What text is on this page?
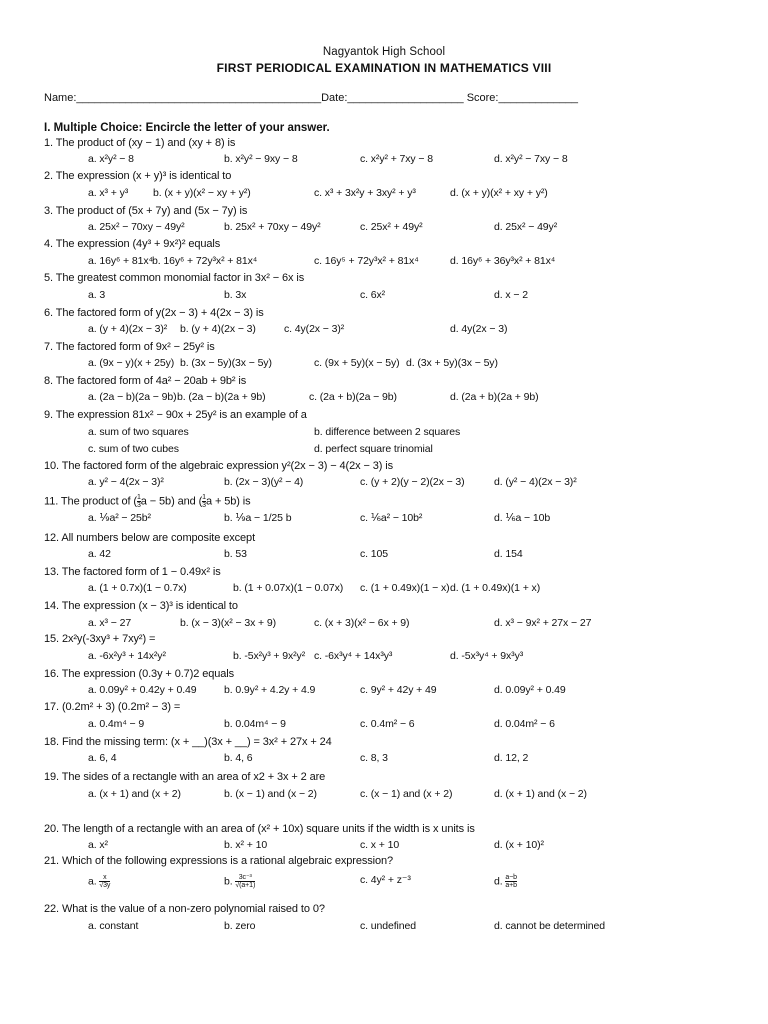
Nagyantok High School
FIRST PERIODICAL EXAMINATION IN MATHEMATICS VIII
Name:________________________________________Date:___________________ Score:_____________
I. Multiple Choice: Encircle the letter of your answer.
1. The product of (xy − 1) and (xy + 8) is
a. x²y² − 8	b. x²y² − 9xy − 8	c. x²y² + 7xy − 8	d. x²y² − 7xy − 8
2. The expression (x + y)³ is identical to
a. x³ + y³ b. (x + y)(x² − xy + y²)	c. x³ + 3x²y + 3xy² + y³	d. (x + y)(x² + xy + y²)
3. The product of (5x + 7y) and (5x − 7y) is
a. 25x² − 70xy − 49y²	b. 25x² + 70xy − 49y²	c. 25x² + 49y²	d. 25x² − 49y²
4. The expression (4y³ + 9x²)² equals
a. 16y⁶ + 81x⁴ b. 16y⁶ + 72y³x² + 81x⁴	c. 16y⁵ + 72y³x² + 81x⁴	d. 16y⁶ + 36y³x² + 81x⁴
5. The greatest common monomial factor in 3x² − 6x is
a. 3	b. 3x	c. 6x²	d. x − 2
6. The factored form of y(2x − 3) + 4(2x − 3) is
a. (y + 4)(2x − 3)² b. (y + 4)(2x − 3)	c. 4y(2x − 3)²	d. 4y(2x − 3)
7. The factored form of 9x² − 25y² is
a. (9x − y)(x + 25y) b. (3x − 5y)(3x − 5y)	c. (9x + 5y)(x − 5y) d. (3x + 5y)(3x − 5y)
8. The factored form of 4a² − 20ab + 9b² is
a. (2a − b)(2a − 9b) b. (2a − b)(2a + 9b)	c. (2a + b)(2a − 9b)	d. (2a + b)(2a + 9b)
9. The expression 81x² − 90x + 25y² is an example of a
a. sum of two squares	b. difference between 2 squares
c. sum of two cubes	d. perfect square trinomial
10. The factored form of the algebraic expression y²(2x − 3) − 4(2x − 3) is
a. y² − 4(2x − 3)²	b. (2x − 3)(y² − 4)	c. (y + 2)(y − 2)(2x − 3)	d. (y² − 4)(2x − 3)²
11. The product of ( $\frac{1}{3}$ a − 5b) and ( $\frac{1}{3}$ a + 5b) is
a. ⅑a² − 25b²	b. ⅑a − 1/25 b	c. ⅙a² − 10b²	d. ⅙a − 10b
12. All numbers below are composite except
a. 42	b. 53	c. 105	d. 154
13. The factored form of 1 − 0.49x² is
a. (1 + 0.7x)(1 − 0.7x)	b. (1 + 0.07x)(1 − 0.07x) c. (1 + 0.49x)(1 − x) d. (1 + 0.49x)(1 + x)
14. The expression (x − 3)³ is identical to
a. x³ − 27	b. (x − 3)(x² − 3x + 9)	c. (x + 3)(x² − 6x + 9)	d. x³ − 9x² + 27x − 27
15. 2x²y(-3xy³ + 7xy²) =
a. -6x²y³ + 14x²y²	b. -5x²y³ + 9x²y² c. -6x³y⁴ + 14x³y³	d. -5x³y⁴ + 9x³y³
16. The expression (0.3y + 0.7)2 equals
a. 0.09y² + 0.42y + 0.49	b. 0.9y² + 4.2y + 4.9	c. 9y² + 42y + 49	d. 0.09y² + 0.49
17. (0.2m² + 3) (0.2m² − 3) =
a. 0.4m⁴ − 9	b. 0.04m⁴ − 9	c. 0.4m² − 6	d. 0.04m² − 6
18. Find the missing term: (x + __)(3x + __) = 3x² + 27x + 24
a. 6, 4	b. 4, 6	c. 8, 3	d. 12, 2
19. The sides of a rectangle with an area of x2 + 3x + 2 are
a. (x + 1) and (x + 2)	b. (x − 1) and (x − 2)	c. (x − 1) and (x + 2)	d. (x + 1) and (x − 2)
20. The length of a rectangle with an area of (x² + 10x) square units if the width is x units is
a. x²	b. x² + 10	c. x + 10	d. (x + 10)²
21. Which of the following expressions is a rational algebraic expression?
a. $\frac{x}{√3y}$	b. $\frac{\text{3c⁻³}}{√(a+1)}$	c. 4y² + z⁻³	d. $\frac{a-b}{a+b}$
22. What is the value of a non-zero polynomial raised to 0?
a. constant	b. zero	c. undefined	d. cannot be determined
